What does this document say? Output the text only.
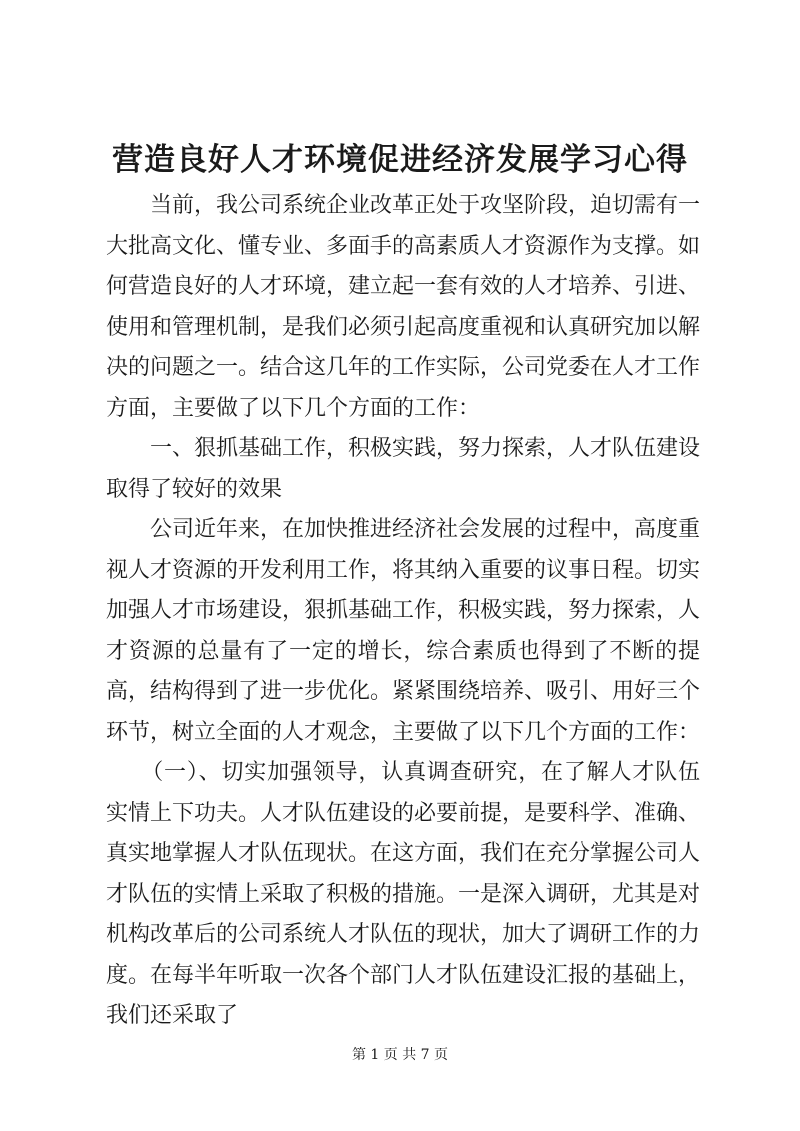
营造良好人才环境促进经济发展学习心得

当前，我公司系统企业改革正处于攻坚阶段，迫切需有一大批高文化、懂专业、多面手的高素质人才资源作为支撑。如何营造良好的人才环境，建立起一套有效的人才培养、引进、使用和管理机制，是我们必须引起高度重视和认真研究加以解决的问题之一。结合这几年的工作实际，公司党委在人才工作方面，主要做了以下几个方面的工作：

一、狠抓基础工作，积极实践，努力探索，人才队伍建设取得了较好的效果

公司近年来，在加快推进经济社会发展的过程中，高度重视人才资源的开发利用工作，将其纳入重要的议事日程。切实加强人才市场建设，狠抓基础工作，积极实践，努力探索，人才资源的总量有了一定的增长，综合素质也得到了不断的提高，结构得到了进一步优化。紧紧围绕培养、吸引、用好三个环节，树立全面的人才观念，主要做了以下几个方面的工作：

（一）、切实加强领导，认真调查研究，在了解人才队伍实情上下功夫。人才队伍建设的必要前提，是要科学、准确、真实地掌握人才队伍现状。在这方面，我们在充分掌握公司人才队伍的实情上采取了积极的措施。一是深入调研，尤其是对机构改革后的公司系统人才队伍的现状，加大了调研工作的力度。在每半年听取一次各个部门人才队伍建设汇报的基础上，我们还采取了

第 1 页 共 7 页
